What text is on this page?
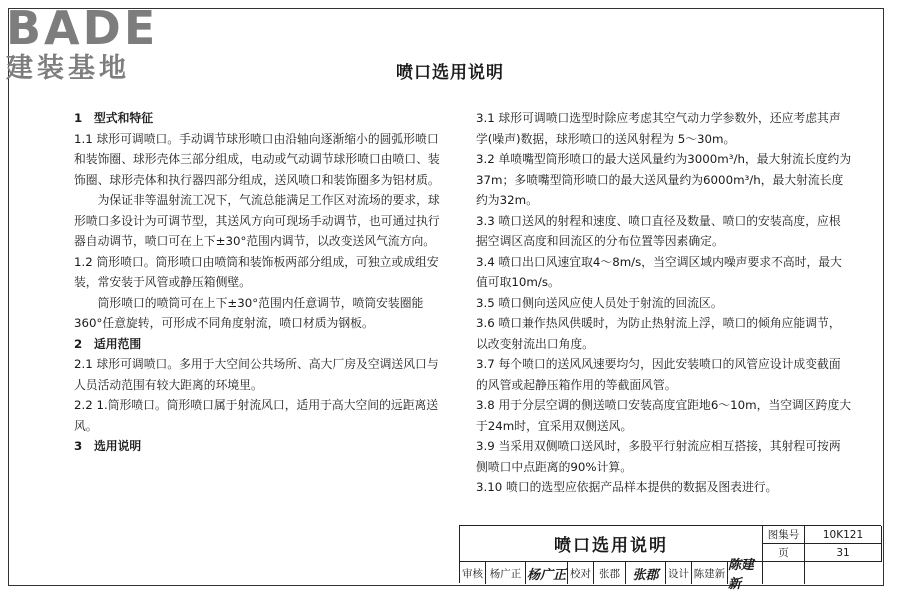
BADE
建装基地	喷口选用说明

1　型式和特征

1.1 球形可调喷口。手动调节球形喷口由沿轴向逐渐缩小的圆弧形喷口和装饰圈、球形壳体三部分组成，电动或气动调节球形喷口由喷口、装饰圈、球形壳体和执行器四部分组成，送风喷口和装饰圈多为铝材质。

为保证非等温射流工况下，气流总能满足工作区对流场的要求，球形喷口多设计为可调节型，其送风方向可现场手动调节，也可通过执行器自动调节，喷口可在上下±30°范围内调节，以改变送风气流方向。

1.2 筒形喷口。筒形喷口由喷筒和装饰板两部分组成，可独立或成组安装，常安装于风管或静压箱侧壁。

筒形喷口的喷筒可在上下±30°范围内任意调节，喷筒安装圈能360°任意旋转，可形成不同角度射流，喷口材质为钢板。

2　适用范围

2.1 球形可调喷口。多用于大空间公共场所、高大厂房及空调送风口与人员活动范围有较大距离的环境里。

2.2 1.筒形喷口。筒形喷口属于射流风口，适用于高大空间的远距离送风。

3　选用说明

3.1 球形可调喷口选型时除应考虑其空气动力学参数外，还应考虑其声学(噪声)数据，球形喷口的送风射程为 5～30m。

3.2 单喷嘴型筒形喷口的最大送风量约为3000m³/h，最大射流长度约为37m；多喷嘴型筒形喷口的最大送风量约为6000m³/h，最大射流长度约为32m。

3.3 喷口送风的射程和速度、喷口直径及数量、喷口的安装高度，应根据空调区高度和回流区的分布位置等因素确定。

3.4 喷口出口风速宜取4～8m/s，当空调区域内噪声要求不高时，最大值可取10m/s。

3.5 喷口侧向送风应使人员处于射流的回流区。

3.6 喷口兼作热风供暖时，为防止热射流上浮，喷口的倾角应能调节，以改变射流出口角度。

3.7 每个喷口的送风风速要均匀，因此安装喷口的风管应设计成变截面的风管或起静压箱作用的等截面风管。

3.8 用于分层空调的侧送喷口安装高度宜距地6～10m，当空调区跨度大于24m时，宜采用双侧送风。

3.9 当采用双侧喷口送风时，多股平行射流应相互搭接，其射程可按两侧喷口中点距离的90%计算。

3.10 喷口的选型应依据产品样本提供的数据及图表进行。

喷口选用说明
图集号	10K121
页	31
审核 杨广正 杨广正 校对 张郡 张郡 设计 陈建新
陈建新
